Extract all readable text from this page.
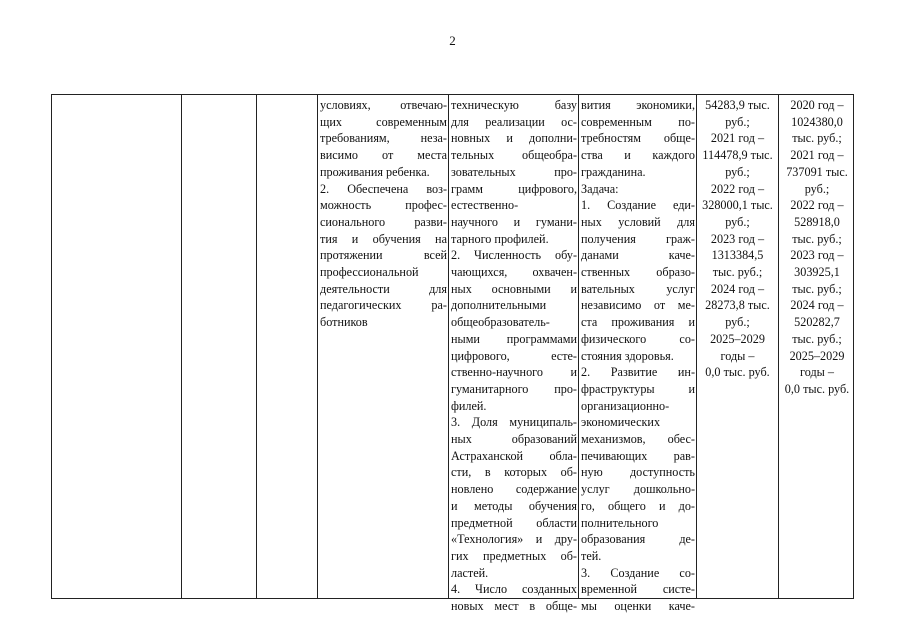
2
условиях, отвечаю-
щих современным
требованиям, неза-
висимо от места
проживания ребенка.
2. Обеспечена воз-
можность профес-
сионального разви-
тия и обучения на
протяжении всей
профессиональной
деятельности для
педагогических ра-
ботников
техническую базу
для реализации ос-
новных и дополни-
тельных общеобра-
зовательных про-
грамм цифрового,
естественно-
научного и гумани-
тарного профилей.
2. Численность обу-
чающихся, охвачен-
ных основными и
дополнительными
общеобразователь-
ными программами
цифрового, есте-
ственно-научного и
гуманитарного про-
филей.
3. Доля муниципаль-
ных образований
Астраханской обла-
сти, в которых об-
новлено содержание
и методы обучения
предметной области
«Технология» и дру-
гих предметных об-
ластей.
4. Число созданных
новых мест в обще-
вития экономики,
современным по-
требностям обще-
ства и каждого
гражданина.
Задача:
1. Создание еди-
ных условий для
получения граж-
данами каче-
ственных образо-
вательных услуг
независимо от ме-
ста проживания и
физического со-
стояния здоровья.
2. Развитие ин-
фраструктуры и
организационно-
экономических
механизмов, обес-
печивающих рав-
ную доступность
услуг дошкольно-
го, общего и до-
полнительного
образования де-
тей.
3. Создание со-
временной систе-
мы оценки каче-
54283,9 тыс.
руб.;
2021 год –
114478,9 тыс.
руб.;
2022 год –
328000,1 тыс.
руб.;
2023 год –
1313384,5
тыс. руб.;
2024 год –
28273,8 тыс.
руб.;
2025–2029
годы –
0,0 тыс. руб.
2020 год –
1024380,0
тыс. руб.;
2021 год –
737091 тыс.
руб.;
2022 год –
528918,0
тыс. руб.;
2023 год –
303925,1
тыс. руб.;
2024 год –
520282,7
тыс. руб.;
2025–2029
годы –
0,0 тыс. руб.
